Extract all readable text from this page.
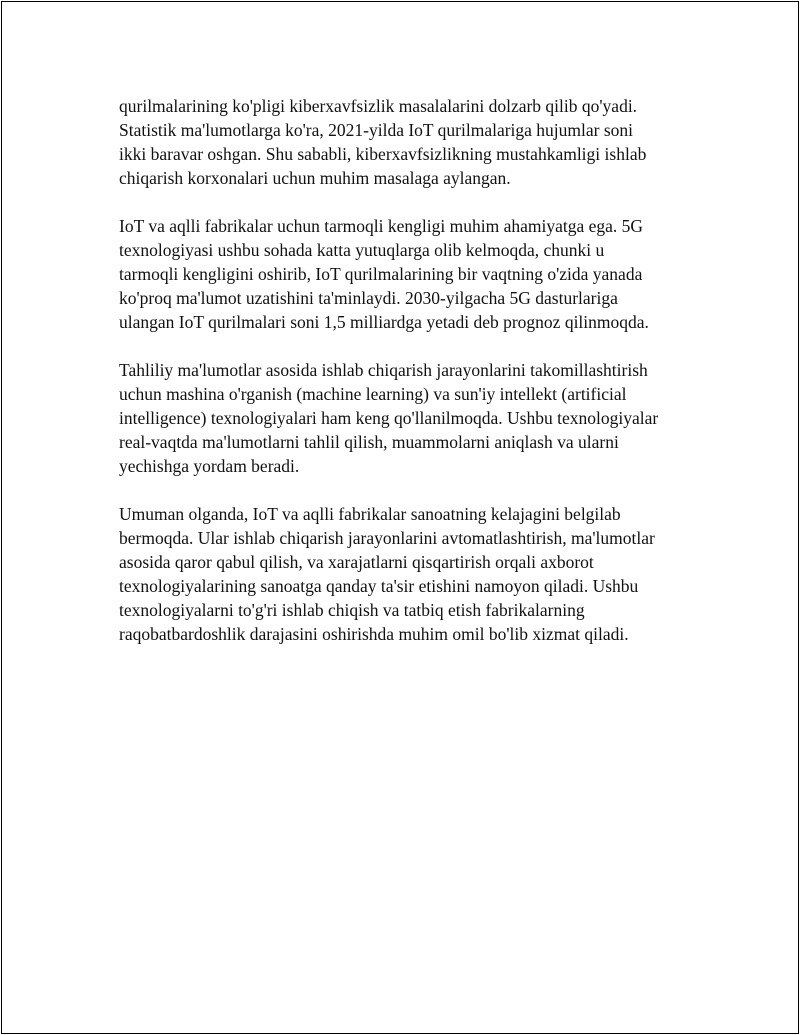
qurilmalarining ko'pligi kiberxavfsizlik masalalarini dolzarb qilib qo'yadi.
Statistik ma'lumotlarga ko'ra, 2021-yilda IoT qurilmalariga hujumlar soni
ikki baravar oshgan. Shu sababli, kiberxavfsizlikning mustahkamligi ishlab
chiqarish korxonalari uchun muhim masalaga aylangan.

IoT va aqlli fabrikalar uchun tarmoqli kengligi muhim ahamiyatga ega. 5G
texnologiyasi ushbu sohada katta yutuqlarga olib kelmoqda, chunki u
tarmoqli kengligini oshirib, IoT qurilmalarining bir vaqtning o'zida yanada
ko'proq ma'lumot uzatishini ta'minlaydi. 2030-yilgacha 5G dasturlariga
ulangan IoT qurilmalari soni 1,5 milliardga yetadi deb prognoz qilinmoqda.

Tahliliy ma'lumotlar asosida ishlab chiqarish jarayonlarini takomillashtirish
uchun mashina o'rganish (machine learning) va sun'iy intellekt (artificial
intelligence) texnologiyalari ham keng qo'llanilmoqda. Ushbu texnologiyalar
real-vaqtda ma'lumotlarni tahlil qilish, muammolarni aniqlash va ularni
yechishga yordam beradi.

Umuman olganda, IoT va aqlli fabrikalar sanoatning kelajagini belgilab
bermoqda. Ular ishlab chiqarish jarayonlarini avtomatlashtirish, ma'lumotlar
asosida qaror qabul qilish, va xarajatlarni qisqartirish orqali axborot
texnologiyalarining sanoatga qanday ta'sir etishini namoyon qiladi. Ushbu
texnologiyalarni to'g'ri ishlab chiqish va tatbiq etish fabrikalarning
raqobatbardoshlik darajasini oshirishda muhim omil bo'lib xizmat qiladi.
